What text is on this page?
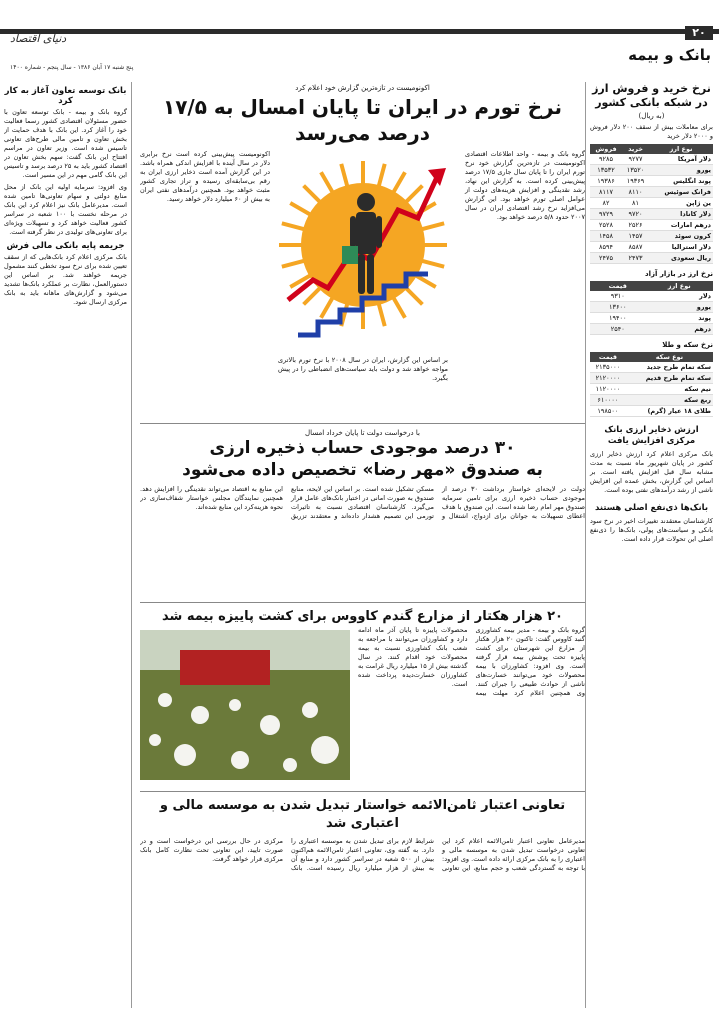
۲۰
دنیای اقتصاد
بانک و بیمه
پنج شنبه ۱۷ آبان ۱۳۸۶ - سال پنجم - شماره ۱۴۰۰
نرخ خرید و فروش ارز در شبکه بانکی کشور
(به ریال)
برای معاملات بیش از سقف ۲۰۰ دلار فروش و ۲۰۰۰ دلار خرید
نوع ارز	خرید	فروش
دلار آمریکا	۹۲۷۷	۹۲۸۵
یورو	۱۳۵۲۰	۱۳۵۳۲
پوند انگلیس	۱۹۳۶۹	۱۹۳۸۶
فرانک سوئیس	۸۱۱۰	۸۱۱۷
ین ژاپن	۸۱	۸۲
دلار کانادا	۹۷۲۰	۹۷۲۹
درهم امارات	۲۵۲۶	۲۵۲۸
کرون سوئد	۱۴۵۷	۱۴۵۸
دلار استرالیا	۸۵۸۷	۸۵۹۴
ریال سعودی	۲۴۷۳	۲۴۷۵
نرخ ارز در بازار آزاد
نوع ارز	قیمت
دلار	۹۳۱۰
یورو	۱۳۶۰۰
پوند	۱۹۴۰۰
درهم	۲۵۴۰
نرخ سکه و طلا
نوع سکه	قیمت
سکه تمام طرح جدید	۲۱۳۵۰۰۰
سکه تمام طرح قدیم	۲۱۲۰۰۰۰
نیم سکه	۱۱۲۰۰۰۰
ربع سکه	۶۱۰۰۰۰
طلای ۱۸ عیار (گرم)	۱۹۸۵۰۰
ارزش ذخایر ارزی بانک مرکزی افزایش یافت

بانک مرکزی اعلام کرد ارزش ذخایر ارزی کشور در پایان شهریور ماه نسبت به مدت مشابه سال قبل افزایش یافته است. بر اساس این گزارش، بخش عمده این افزایش ناشی از رشد درآمدهای نفتی بوده است.

بانک‌ها ذی‌نفع اصلی هستند

کارشناسان معتقدند تغییرات اخیر در نرخ سود بانکی و سیاست‌های پولی، بانک‌ها را ذی‌نفع اصلی این تحولات قرار داده است.

اکونومیست در تازه‌ترین گزارش خود اعلام کرد
نرخ تورم در ایران تا پایان امسال به ۱۷/۵ درصد می‌رسد
گروه بانک و بیمه - واحد اطلاعات اقتصادی اکونومیست در تازه‌ترین گزارش خود نرخ تورم ایران را تا پایان سال جاری ۱۷/۵ درصد پیش‌بینی کرده است. به گزارش این نهاد، رشد نقدینگی و افزایش هزینه‌های دولت از عوامل اصلی تورم خواهد بود. این گزارش می‌افزاید نرخ رشد اقتصادی ایران در سال ۲۰۰۷ حدود ۵/۸ درصد خواهد بود.
اکونومیست پیش‌بینی کرده است نرخ برابری دلار در سال آینده با افزایش اندکی همراه باشد. در این گزارش آمده است ذخایر ارزی ایران به رقم بی‌سابقه‌ای رسیده و تراز تجاری کشور مثبت خواهد بود. همچنین درآمدهای نفتی ایران به بیش از ۶۰ میلیارد دلار خواهد رسید.
بر اساس این گزارش، ایران در سال ۲۰۰۸ با نرخ تورم بالاتری مواجه خواهد شد و دولت باید سیاست‌های انضباطی را در پیش بگیرد.
با درخواست دولت تا پایان خرداد امسال
۳۰ درصد موجودی حساب ذخیره ارزی
به صندوق «مهر رضا» تخصیص داده می‌شود
دولت در لایحه‌ای خواستار برداشت ۳۰ درصد از موجودی حساب ذخیره ارزی برای تامین سرمایه صندوق مهر امام رضا شده است. این صندوق با هدف اعطای تسهیلات به جوانان برای ازدواج، اشتغال و مسکن تشکیل شده است. بر اساس این لایحه، منابع صندوق به صورت امانی در اختیار بانک‌های عامل قرار می‌گیرد. کارشناسان اقتصادی نسبت به تاثیرات تورمی این تصمیم هشدار داده‌اند و معتقدند تزریق این منابع به اقتصاد می‌تواند نقدینگی را افزایش دهد. همچنین نمایندگان مجلس خواستار شفاف‌سازی در نحوه هزینه‌کرد این منابع شده‌اند.
۲۰ هزار هکتار از مزارع گندم کاووس برای کشت پاییزه بیمه شد
گروه بانک و بیمه - مدیر بیمه کشاورزی گنبد کاووس گفت: تاکنون ۲۰ هزار هکتار از مزارع این شهرستان برای کشت پاییزه تحت پوشش بیمه قرار گرفته است. وی افزود: کشاورزان با بیمه محصولات خود می‌توانند خسارت‌های ناشی از حوادث طبیعی را جبران کنند. وی همچنین اعلام کرد مهلت بیمه محصولات پاییزه تا پایان آذر ماه ادامه دارد و کشاورزان می‌توانند با مراجعه به شعب بانک کشاورزی نسبت به بیمه محصولات خود اقدام کنند. در سال گذشته بیش از ۱۵ میلیارد ریال غرامت به کشاورزان خسارت‌دیده پرداخت شده است.
تعاونی اعتبار ثامن‌الائمه خواستار تبدیل شدن به موسسه مالی و اعتباری شد
مدیرعامل تعاونی اعتبار ثامن‌الائمه اعلام کرد این تعاونی درخواست تبدیل شدن به موسسه مالی و اعتباری را به بانک مرکزی ارائه داده است. وی افزود: با توجه به گستردگی شعب و حجم منابع، این تعاونی شرایط لازم برای تبدیل شدن به موسسه اعتباری را دارد. به گفته وی، تعاونی اعتبار ثامن‌الائمه هم‌اکنون بیش از ۵۰۰ شعبه در سراسر کشور دارد و منابع آن به بیش از هزار میلیارد ریال رسیده است. بانک مرکزی در حال بررسی این درخواست است و در صورت تایید، این تعاونی تحت نظارت کامل بانک مرکزی قرار خواهد گرفت.
بانک توسعه تعاون آغاز به کار کرد

گروه بانک و بیمه - بانک توسعه تعاون با حضور مسئولان اقتصادی کشور رسما فعالیت خود را آغاز کرد. این بانک با هدف حمایت از بخش تعاون و تامین مالی طرح‌های تعاونی تاسیس شده است. وزیر تعاون در مراسم افتتاح این بانک گفت: سهم بخش تعاون در اقتصاد کشور باید به ۲۵ درصد برسد و تاسیس این بانک گامی مهم در این مسیر است.

وی افزود: سرمایه اولیه این بانک از محل منابع دولتی و سهام تعاونی‌ها تامین شده است. مدیرعامل بانک نیز اعلام کرد این بانک در مرحله نخست با ۱۰۰ شعبه در سراسر کشور فعالیت خواهد کرد و تسهیلات ویژه‌ای برای تعاونی‌های تولیدی در نظر گرفته است.

جریمه پایه بانکی مالی فرش

بانک مرکزی اعلام کرد بانک‌هایی که از سقف تعیین شده برای نرخ سود تخطی کنند مشمول جریمه خواهند شد. بر اساس این دستورالعمل، نظارت بر عملکرد بانک‌ها تشدید می‌شود و گزارش‌های ماهانه باید به بانک مرکزی ارسال شود.
